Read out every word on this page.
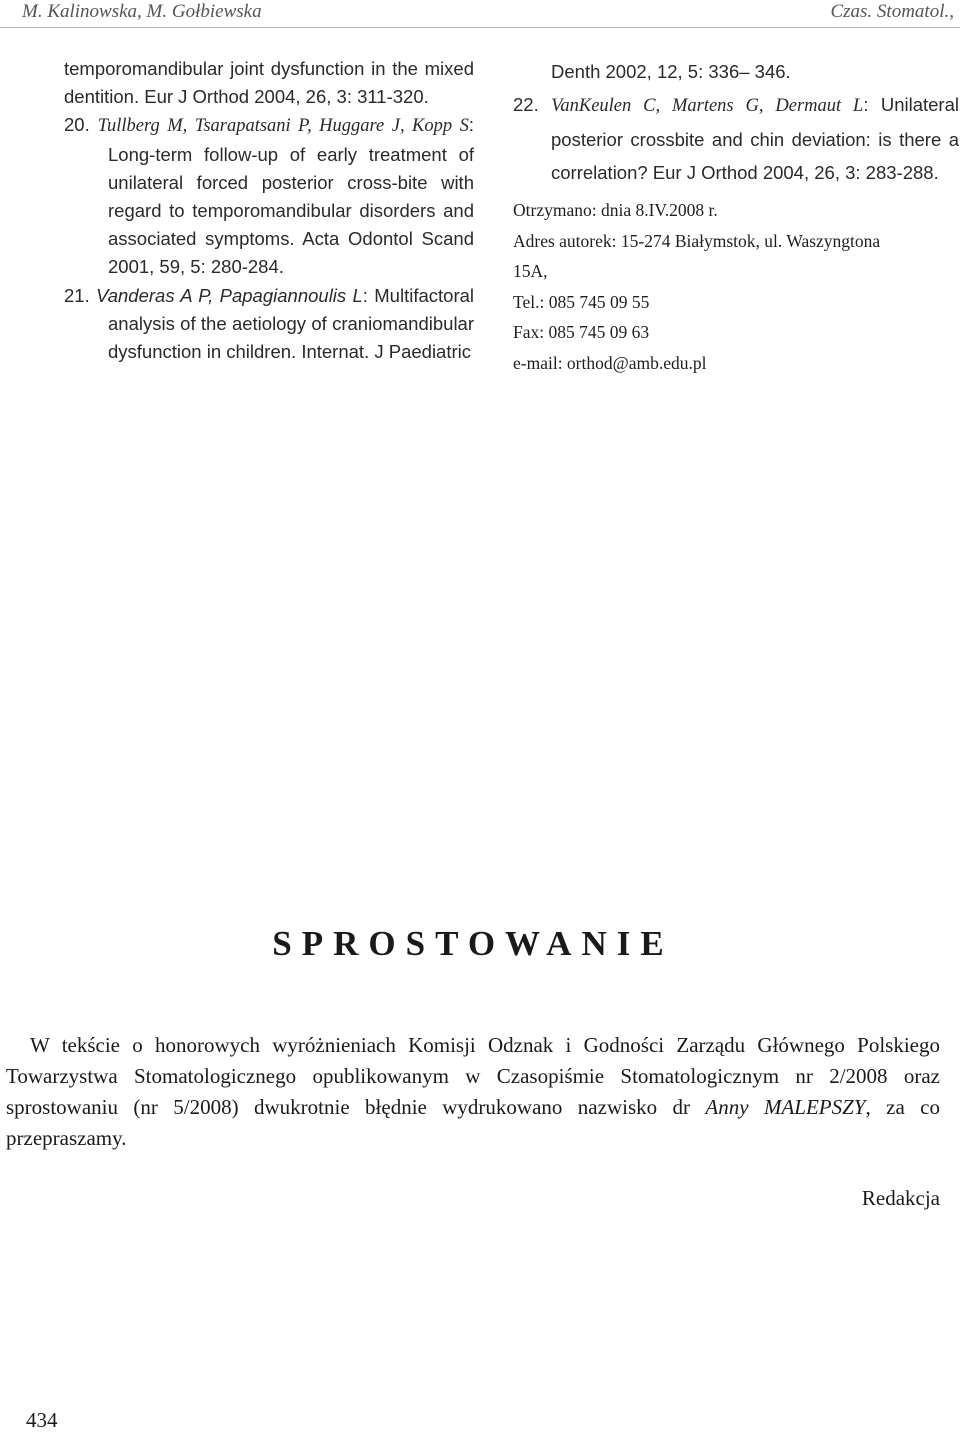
M. Kalinowska, M. Gołbiewska	Czas. Stomatol.,

temporomandibular joint dysfunction in the mixed dentition. Eur J Orthod 2004, 26, 3: 311-320.

20. Tullberg M, Tsarapatsani P, Huggare J, Kopp S: Long-term follow-up of early treatment of unilateral forced posterior cross-bite with regard to temporomandibular disorders and associated symptoms. Acta Odontol Scand 2001, 59, 5: 280-284.

21. Vanderas A P, Papagiannoulis L: Multifactoral analysis of the aetiology of craniomandibular dysfunction in children. Internat. J Paediatric

Denth 2002, 12, 5: 336– 346.

22. VanKeulen C, Martens G, Dermaut L: Unilateral posterior crossbite and chin deviation: is there a correlation? Eur J Orthod 2004, 26, 3: 283-288.

Otrzymano: dnia 8.IV.2008 r.
Adres autorek: 15-274 Białymstok, ul. Waszyngtona
15A,
Tel.: 085 745 09 55
Fax: 085 745 09 63
e-mail: orthod@amb.edu.pl
SPROSTOWANIE
W tekście o honorowych wyróżnieniach Komisji Odznak i Godności Zarządu Głównego Polskiego Towarzystwa Stomatologicznego opublikowanym w Czasopiśmie Stomatologicznym nr 2/2008 oraz sprostowaniu (nr 5/2008) dwukrotnie błędnie wydrukowano nazwisko dr Anny MALEPSZY, za co przepraszamy.
Redakcja
434
